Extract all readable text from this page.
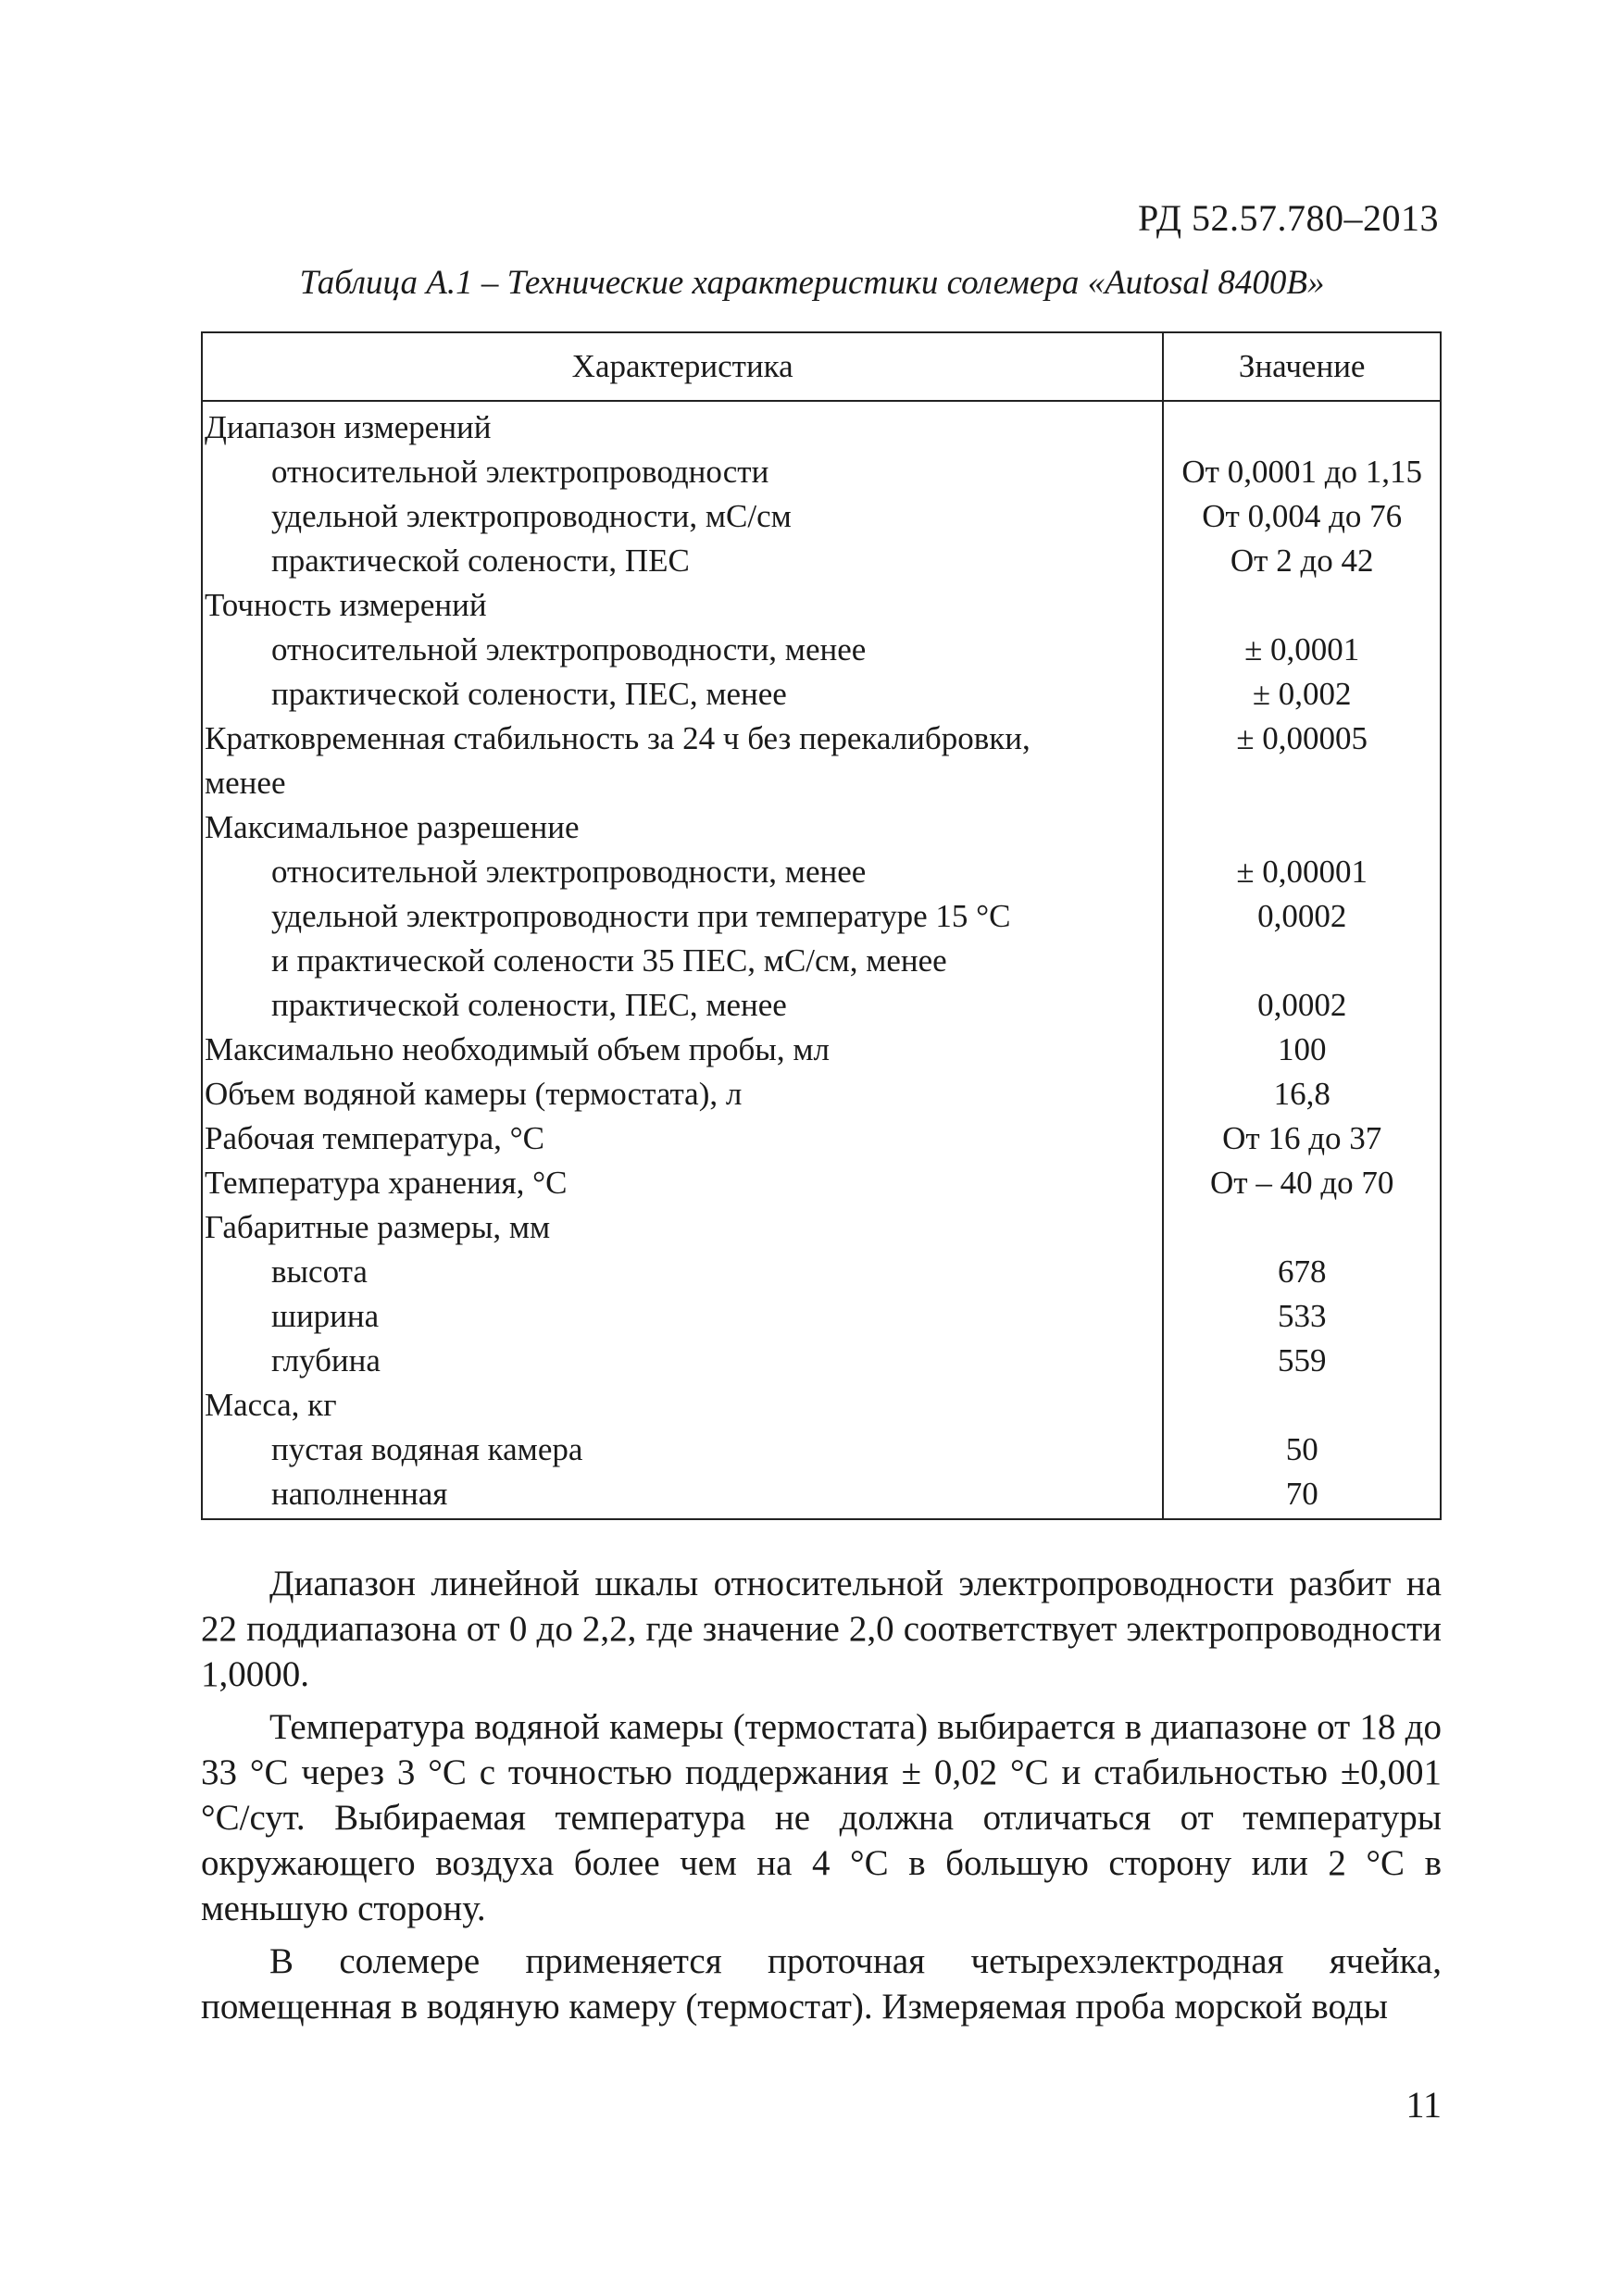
РД 52.57.780–2013
Таблица А.1 – Технические характеристики солемера «Autosal 8400B»
Характеристика	Значение
Диапазон измерений	
относительной электропроводности	От 0,0001 до 1,15
удельной электропроводности, мС/см	От 0,004 до 76
практической солености, ПЕС	От 2 до 42
Точность измерений	
относительной электропроводности, менее	± 0,0001
практической солености, ПЕС, менее	± 0,002
Кратковременная стабильность за 24 ч без перекалибровки,	± 0,00005
менее	
Максимальное разрешение	
относительной электропроводности, менее	± 0,00001
удельной электропроводности при температуре 15 °С	0,0002
и практической солености 35 ПЕС, мС/см, менее	
практической солености, ПЕС, менее	0,0002
Максимально необходимый объем пробы, мл	100
Объем водяной камеры (термостата), л	16,8
Рабочая температура, °С	От 16 до 37
Температура хранения, °С	От – 40 до 70
Габаритные размеры, мм	
высота	678
ширина	533
глубина	559
Масса, кг	
пустая водяная камера	50
наполненная	70

Диапазон линейной шкалы относительной электропроводности разбит на 22 поддиапазона от 0 до 2,2, где значение 2,0 соответствует электропроводности 1,0000.

Температура водяной камеры (термостата) выбирается в диапазоне от 18 до 33 °С через 3 °С с точностью поддержания ± 0,02 °С и стабильностью ±0,001 °С/сут. Выбираемая температура не должна отличаться от температуры окружающего воздуха более чем на 4 °С в большую сторону или 2 °С в меньшую сторону.

В солемере применяется проточная четырехэлектродная ячейка, помещенная в водяную камеру (термостат). Измеряемая проба морской воды

11
